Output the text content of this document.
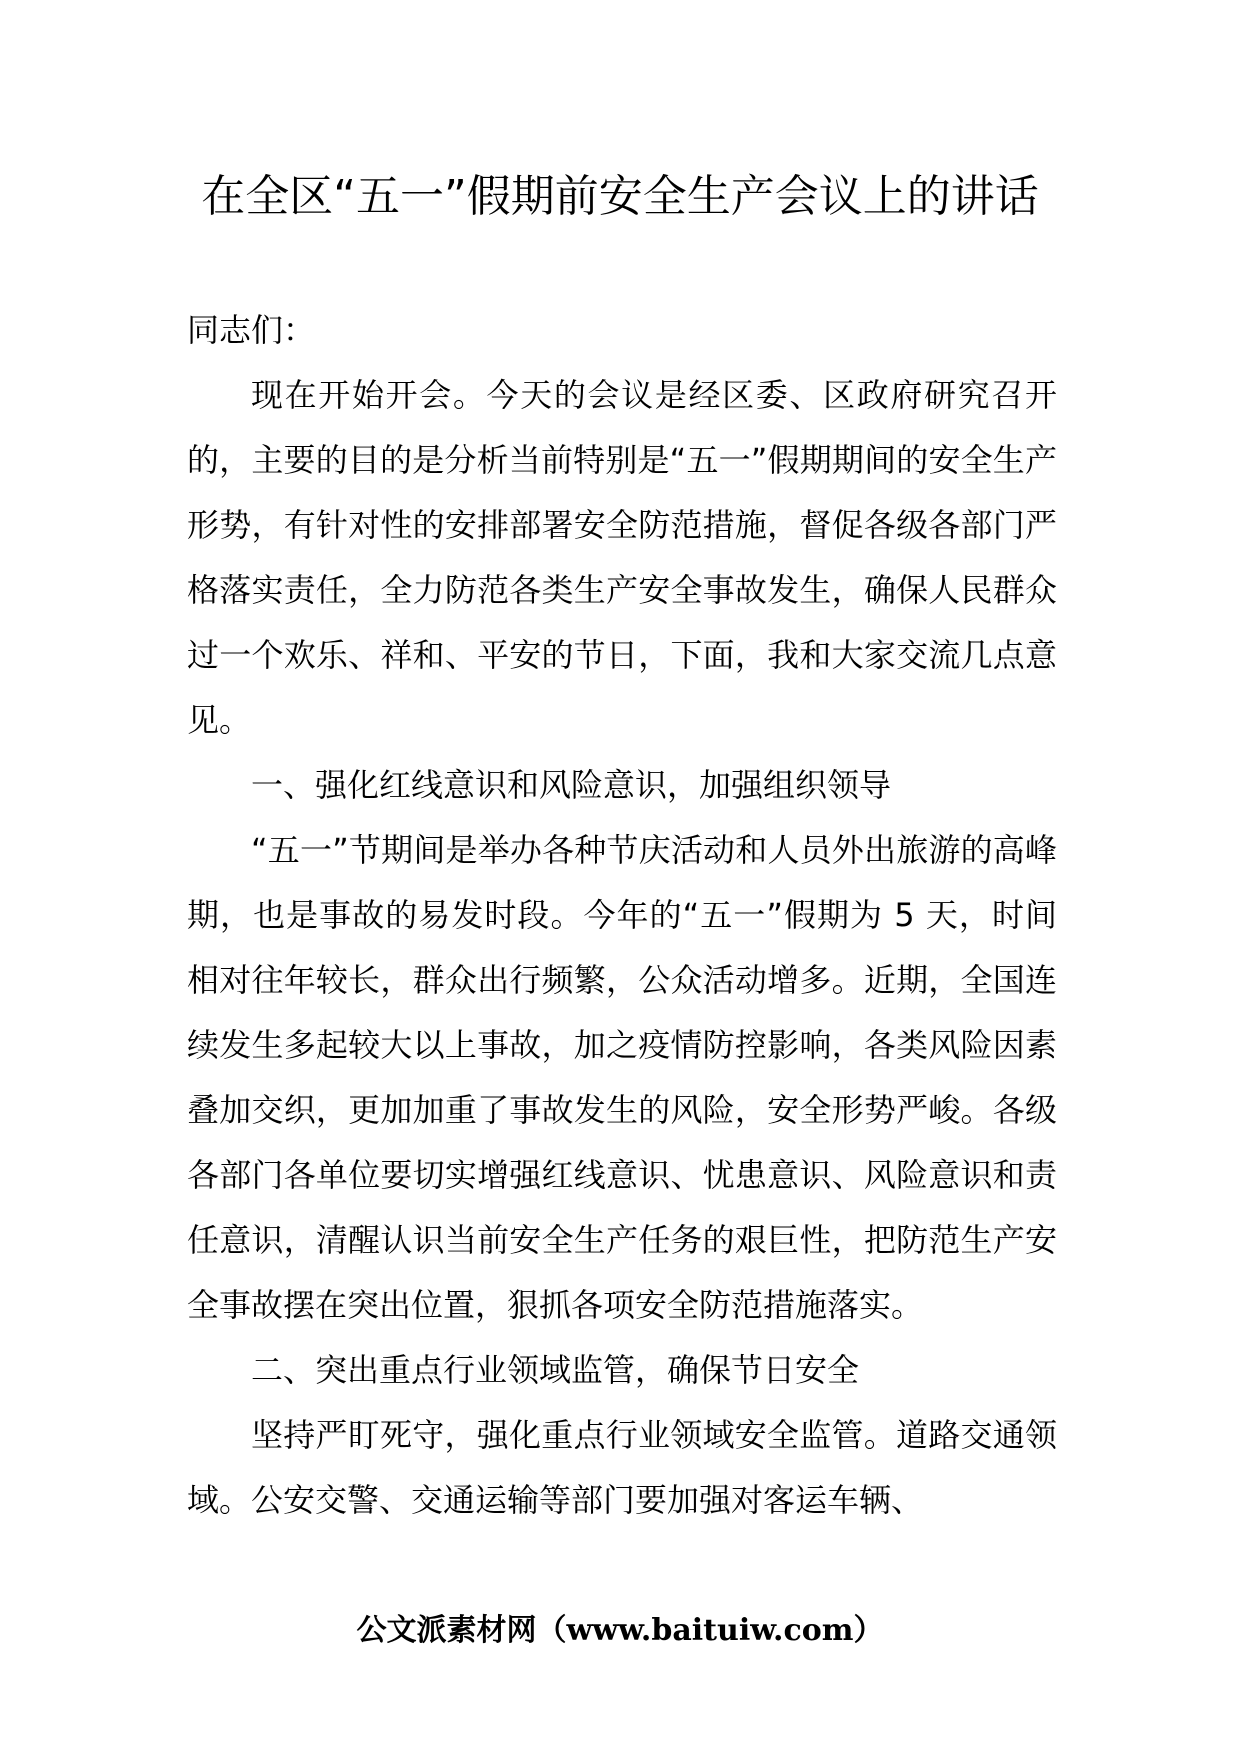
在全区“五一”假期前安全生产会议上的讲话

同志们：

现在开始开会。今天的会议是经区委、区政府研究召开的，主要的目的是分析当前特别是“五一”假期期间的安全生产形势，有针对性的安排部署安全防范措施，督促各级各部门严格落实责任，全力防范各类生产安全事故发生，确保人民群众过一个欢乐、祥和、平安的节日，下面，我和大家交流几点意见。

一、强化红线意识和风险意识，加强组织领导

“五一”节期间是举办各种节庆活动和人员外出旅游的高峰期，也是事故的易发时段。今年的“五一”假期为 5 天，时间相对往年较长，群众出行频繁，公众活动增多。近期，全国连续发生多起较大以上事故，加之疫情防控影响，各类风险因素叠加交织，更加加重了事故发生的风险，安全形势严峻。各级各部门各单位要切实增强红线意识、忧患意识、风险意识和责任意识，清醒认识当前安全生产任务的艰巨性，把防范生产安全事故摆在突出位置，狠抓各项安全防范措施落实。

二、突出重点行业领域监管，确保节日安全

坚持严盯死守，强化重点行业领域安全监管。道路交通领域。公安交警、交通运输等部门要加强对客运车辆、

公文派素材网（www.baituiw.com）
